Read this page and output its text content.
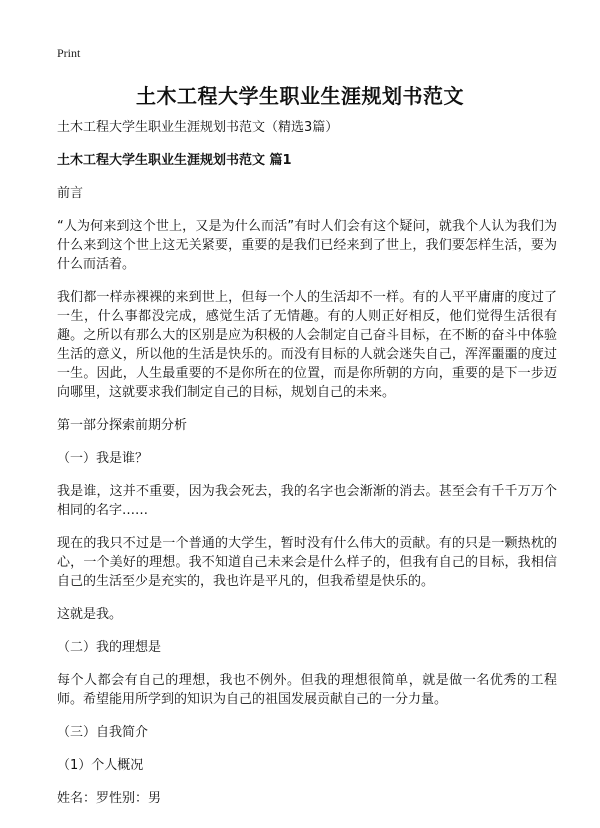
Print
土木工程大学生职业生涯规划书范文

土木工程大学生职业生涯规划书范文（精选3篇）

土木工程大学生职业生涯规划书范文 篇1

前言

“人为何来到这个世上，又是为什么而活”有时人们会有这个疑问，就我个人认为我们为什么来到这个世上这无关紧要，重要的是我们已经来到了世上，我们要怎样生活，要为什么而活着。

我们都一样赤裸裸的来到世上，但每一个人的生活却不一样。有的人平平庸庸的度过了一生，什么事都没完成，感觉生活了无情趣。有的人则正好相反，他们觉得生活很有趣。之所以有那么大的区别是应为积极的人会制定自己奋斗目标，在不断的奋斗中体验生活的意义，所以他的生活是快乐的。而没有目标的人就会迷失自己，浑浑噩噩的度过一生。因此，人生最重要的不是你所在的位置，而是你所朝的方向，重要的是下一步迈向哪里，这就要求我们制定自己的目标，规划自己的未来。

第一部分探索前期分析

（一）我是谁？

我是谁，这并不重要，因为我会死去，我的名字也会渐渐的消去。甚至会有千千万万个相同的名字……

现在的我只不过是一个普通的大学生，暂时没有什么伟大的贡献。有的只是一颗热枕的心，一个美好的理想。我不知道自己未来会是什么样子的，但我有自己的目标，我相信自己的生活至少是充实的，我也许是平凡的，但我希望是快乐的。

这就是我。

（二）我的理想是

每个人都会有自己的理想，我也不例外。但我的理想很简单，就是做一名优秀的工程师。希望能用所学到的知识为自己的祖国发展贡献自己的一分力量。

（三）自我简介

（1）个人概况

姓名：罗性别：男
